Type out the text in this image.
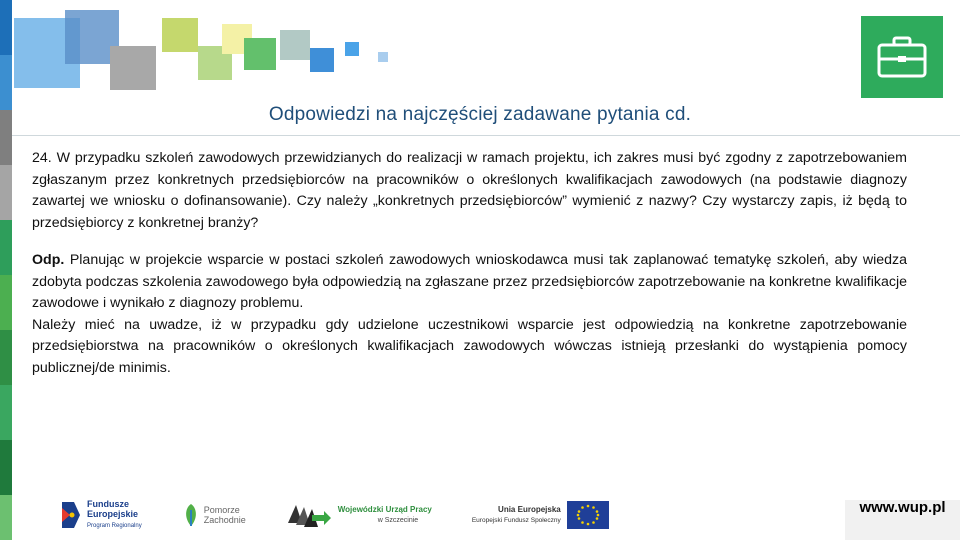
Odpowiedzi na najczęściej zadawane pytania cd.

24. W przypadku szkoleń zawodowych przewidzianych do realizacji w ramach projektu, ich zakres musi być zgodny z zapotrzebowaniem zgłaszanym przez konkretnych przedsiębiorców na pracowników o określonych kwalifikacjach zawodowych (na podstawie diagnozy zawartej we wniosku o dofinansowanie). Czy należy „konkretnych przedsiębiorców” wymienić z nazwy? Czy wystarczy zapis, iż będą to przedsiębiorcy z konkretnej branży?

Odp. Planując w projekcie wsparcie w postaci szkoleń zawodowych wnioskodawca musi tak zaplanować tematykę szkoleń, aby wiedza zdobyta podczas szkolenia zawodowego była odpowiedzią na zgłaszane przez przedsiębiorców zapotrzebowanie na konkretne kwalifikacje zawodowe i wynikało z diagnozy problemu.

Należy mieć na uwadze, iż w przypadku gdy udzielone uczestnikowi wsparcie jest odpowiedzią na konkretne zapotrzebowanie przedsiębiorstwa na pracowników o określonych kwalifikacjach zawodowych wówczas istnieją przesłanki do wystąpienia pomocy publicznej/de minimis.

Fundusze
Europejskie
Program Regionalny
Pomorze
Zachodnie
Wojewódzki Urząd Pracy
w Szczecinie
Unia Europejska
Europejski Fundusz Społeczny
www.wup.pl
